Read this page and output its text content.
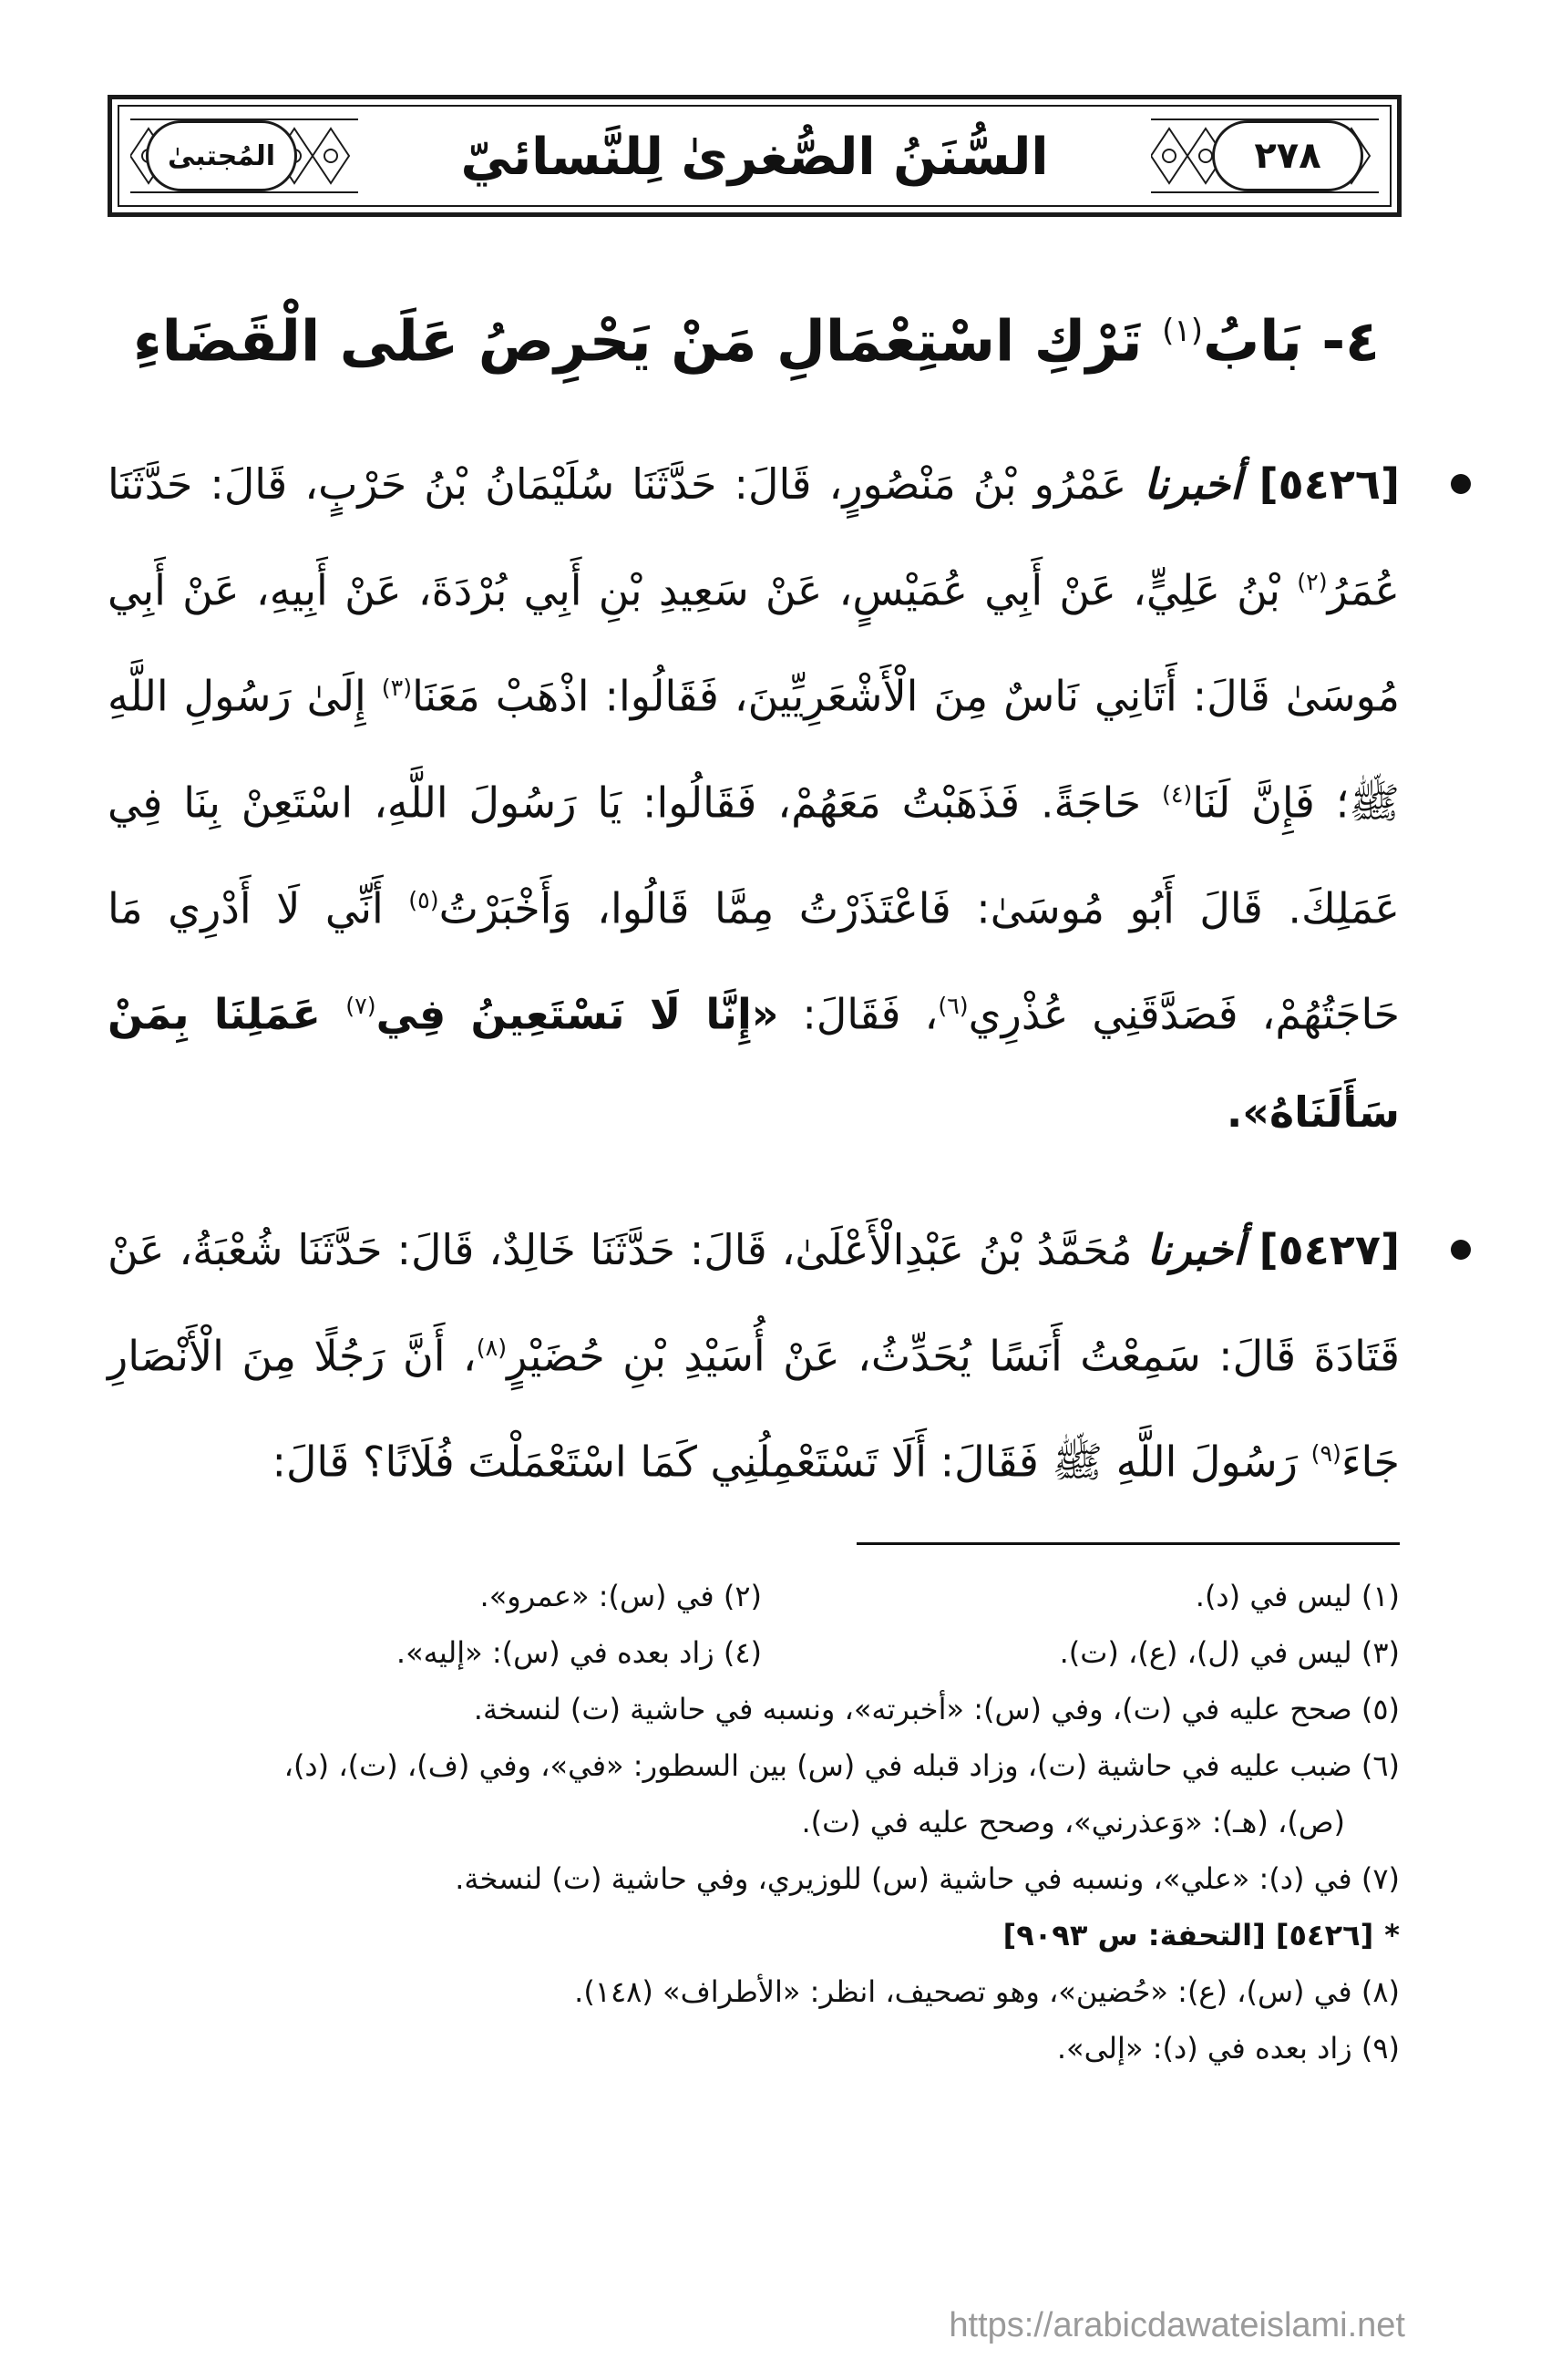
المُجتبىٰ	٢٧٨
السُّنَنُ الصُّغرىٰ لِلنَّسائيّ
٤- بَابُ$^{(١)}$ تَرْكِ اسْتِعْمَالِ مَنْ يَحْرِصُ عَلَى الْقَضَاءِ
[٥٤٢٦] أخبرنا عَمْرُو بْنُ مَنْصُورٍ، قَالَ: حَدَّثَنَا سُلَيْمَانُ بْنُ حَرْبٍ، قَالَ: حَدَّثَنَا عُمَرُ$^{(٢)}$ بْنُ عَلِيٍّ، عَنْ أَبِي عُمَيْسٍ، عَنْ سَعِيدِ بْنِ أَبِي بُرْدَةَ، عَنْ أَبِيهِ، عَنْ أَبِي مُوسَىٰ قَالَ: أَتَانِي نَاسٌ مِنَ الْأَشْعَرِيِّينَ، فَقَالُوا: اذْهَبْ مَعَنَا$^{(٣)}$ إِلَىٰ رَسُولِ اللَّهِ ﷺ؛ فَإِنَّ لَنَا$^{(٤)}$ حَاجَةً. فَذَهَبْتُ مَعَهُمْ، فَقَالُوا: يَا رَسُولَ اللَّهِ، اسْتَعِنْ بِنَا فِي عَمَلِكَ. قَالَ أَبُو مُوسَىٰ: فَاعْتَذَرْتُ مِمَّا قَالُوا، وَأَخْبَرْتُ$^{(٥)}$ أَنِّي لَا أَدْرِي مَا حَاجَتُهُمْ، فَصَدَّقَنِي عُذْرِي$^{(٦)}$، فَقَالَ: «إِنَّا لَا نَسْتَعِينُ فِي$^{(٧)}$ عَمَلِنَا بِمَنْ سَأَلَنَاهُ».
[٥٤٢٧] أخبرنا مُحَمَّدُ بْنُ عَبْدِالْأَعْلَىٰ، قَالَ: حَدَّثَنَا خَالِدٌ، قَالَ: حَدَّثَنَا شُعْبَةُ، عَنْ قَتَادَةَ قَالَ: سَمِعْتُ أَنَسًا يُحَدِّثُ، عَنْ أُسَيْدِ بْنِ حُضَيْرٍ$^{(٨)}$، أَنَّ رَجُلًا مِنَ الْأَنْصَارِ جَاءَ$^{(٩)}$ رَسُولَ اللَّهِ ﷺ فَقَالَ: أَلَا تَسْتَعْمِلُنِي كَمَا اسْتَعْمَلْتَ فُلَانًا؟ قَالَ:
(١) ليس في (د).
(٢) في (س): «عمرو».
(٣) ليس في (ل)، (ع)، (ت).
(٤) زاد بعده في (س): «إليه».
(٥) صحح عليه في (ت)، وفي (س): «أخبرته»، ونسبه في حاشية (ت) لنسخة.
(٦) ضبب عليه في حاشية (ت)، وزاد قبله في (س) بين السطور: «في»، وفي (ف)، (ت)، (د)،
(ص)، (هـ): «وَعذرني»، وصحح عليه في (ت).
(٧) في (د): «علي»، ونسبه في حاشية (س) للوزيري، وفي حاشية (ت) لنسخة.
*
[٥٤٢٦] [التحفة: س ٩٠٩٣]
(٨) في (س)، (ع): «حُضين»، وهو تصحيف، انظر: «الأطراف» (١٤٨).
(٩) زاد بعده في (د): «إلى».
https://arabicdawateislami.net
